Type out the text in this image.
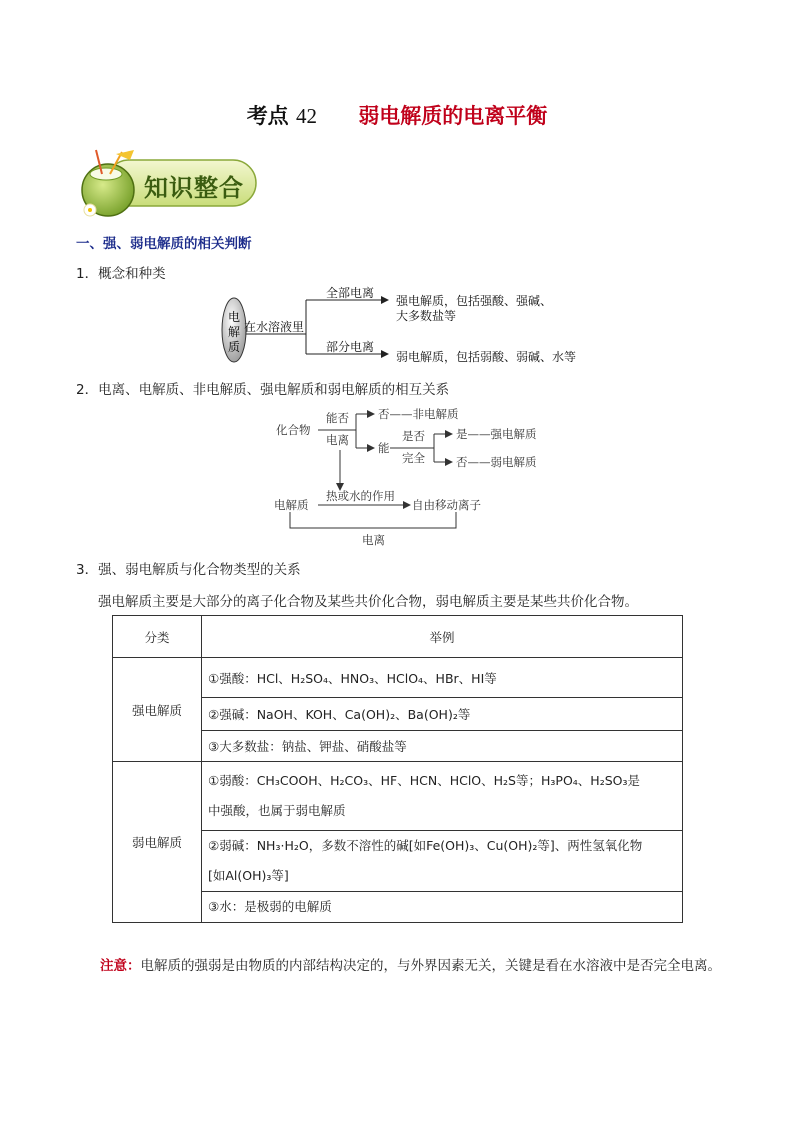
考点 42 弱电解质的电离平衡
知识整合
一、强、弱电解质的相关判断
1．概念和种类
电
解
质
在水溶液里
全部电离
强电解质，包括强酸、强碱、
大多数盐等
部分电离
弱电解质，包括弱酸、弱碱、水等
2．电离、电解质、非电解质、强电解质和弱电解质的相互关系
化合物
能否
电离
否——非电解质
能
是否
完全
是——强电解质
否——弱电解质
电解质
热或水的作用
自由移动离子
电离
3．强、弱电解质与化合物类型的关系
强电解质主要是大部分的离子化合物及某些共价化合物，弱电解质主要是某些共价化合物。
分类	举例
强电解质	①强酸：HCl、H₂SO₄、HNO₃、HClO₄、HBr、HI等
	②强碱：NaOH、KOH、Ca(OH)₂、Ba(OH)₂等
	③大多数盐：钠盐、钾盐、硝酸盐等
弱电解质	①弱酸：CH₃COOH、H₂CO₃、HF、HCN、HClO、H₂S等；H₃PO₄、H₂SO₃是
中强酸，也属于弱电解质

	②弱碱：NH₃·H₂O，多数不溶性的碱[如Fe(OH)₃、Cu(OH)₂等]、两性氢氧化物
[如Al(OH)₃等]

	③水：是极弱的电解质

注意：电解质的强弱是由物质的内部结构决定的，与外界因素无关，关键是看在水溶液中是否完全电离。
